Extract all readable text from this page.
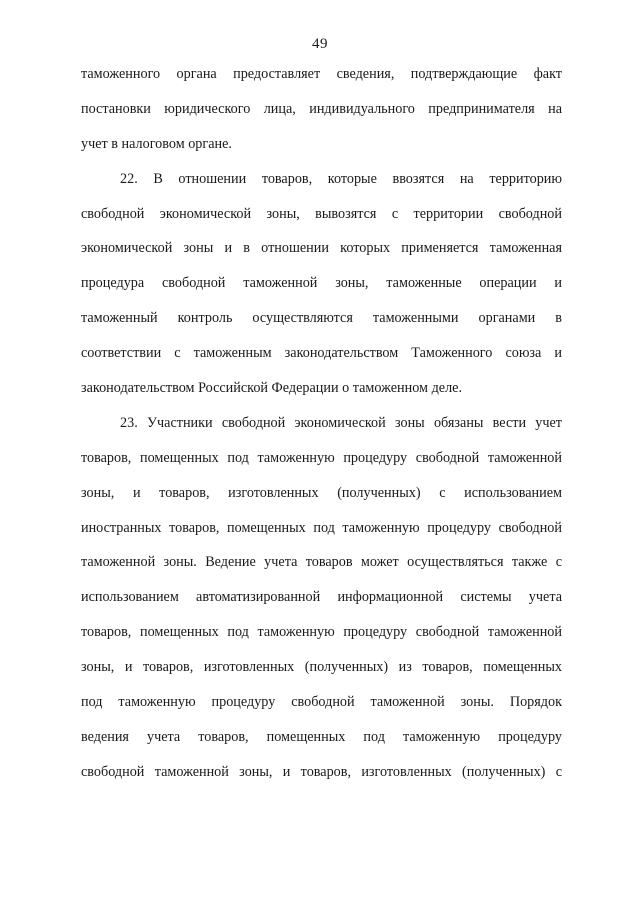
49
таможенного органа предоставляет сведения, подтверждающие факт
постановки юридического лица, индивидуального предпринимателя на
учет в налоговом органе.
22. В отношении товаров, которые ввозятся на территорию
свободной экономической зоны, вывозятся с территории свободной
экономической зоны и в отношении которых применяется таможенная
процедура свободной таможенной зоны, таможенные операции и
таможенный контроль осуществляются таможенными органами в
соответствии с таможенным законодательством Таможенного союза и
законодательством Российской Федерации о таможенном деле.
23. Участники свободной экономической зоны обязаны вести учет
товаров, помещенных под таможенную процедуру свободной таможенной
зоны, и товаров, изготовленных (полученных) с использованием
иностранных товаров, помещенных под таможенную процедуру свободной
таможенной зоны. Ведение учета товаров может осуществляться также с
использованием автоматизированной информационной системы учета
товаров, помещенных под таможенную процедуру свободной таможенной
зоны, и товаров, изготовленных (полученных) из товаров, помещенных
под таможенную процедуру свободной таможенной зоны. Порядок
ведения учета товаров, помещенных под таможенную процедуру
свободной таможенной зоны, и товаров, изготовленных (полученных) с
